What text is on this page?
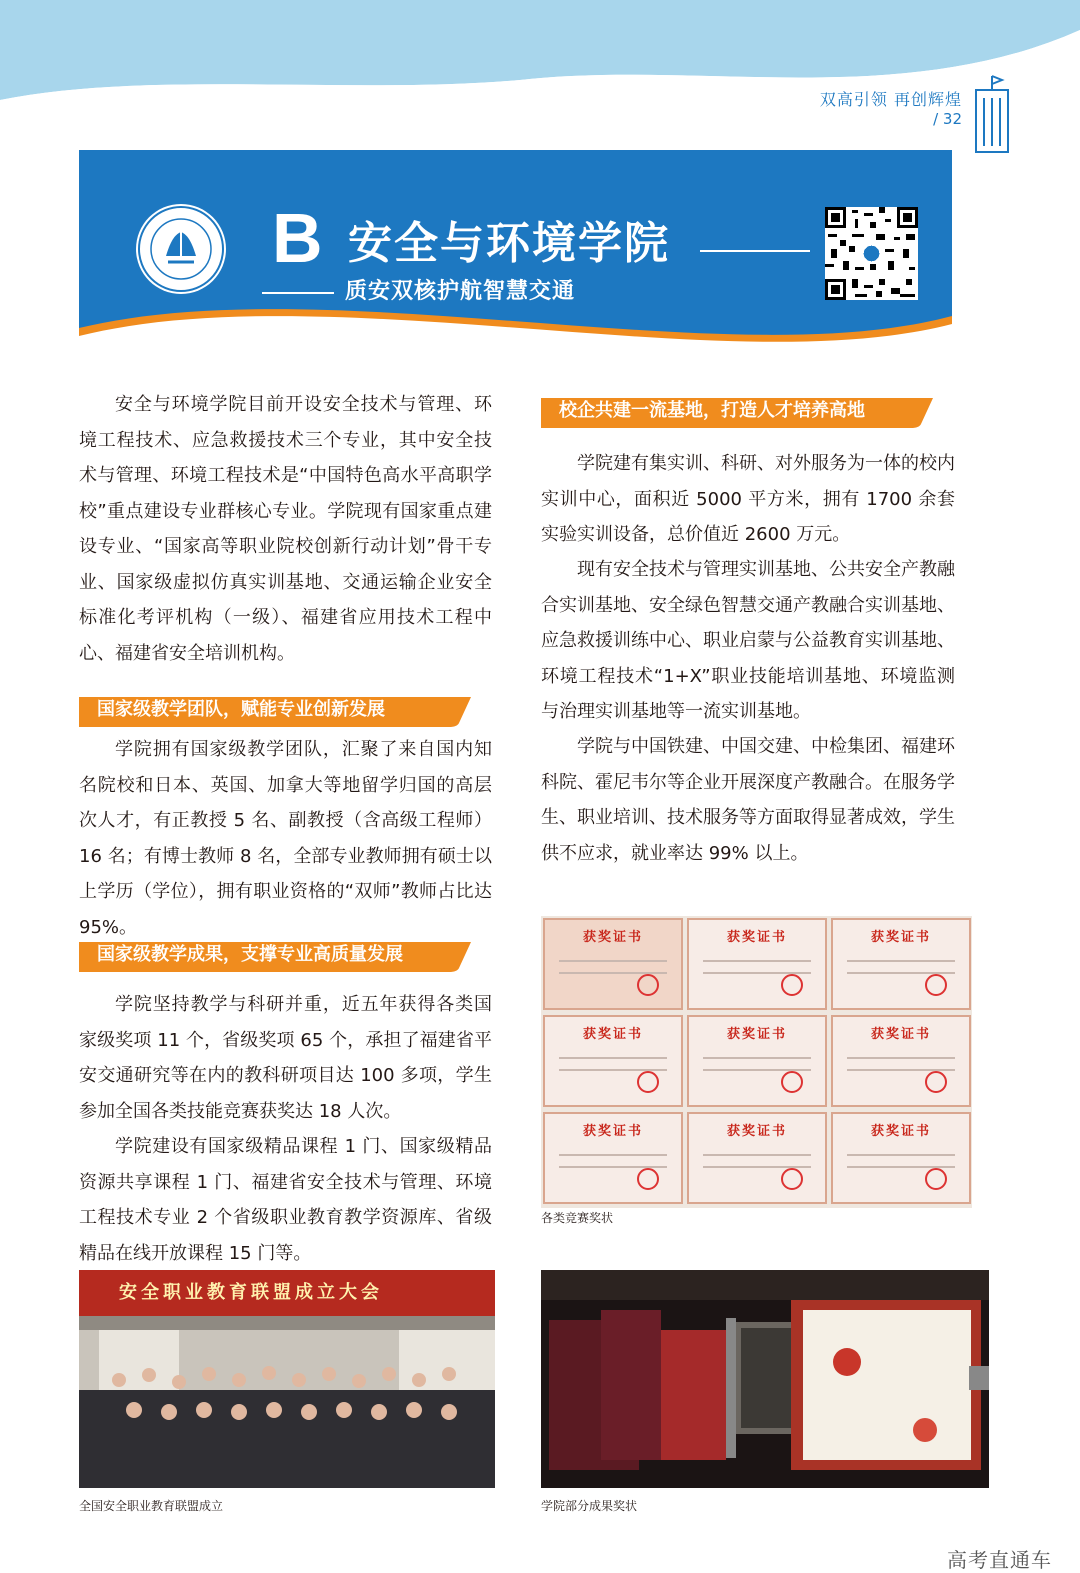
双高引领 再创辉煌
/ 32
B 安全与环境学院
质安双核护航智慧交通

安全与环境学院目前开设安全技术与管理、环境工程技术、应急救援技术三个专业，其中安全技术与管理、环境工程技术是“中国特色高水平高职学校”重点建设专业群核心专业。学院现有国家重点建设专业、“国家高等职业院校创新行动计划”骨干专业、国家级虚拟仿真实训基地、交通运输企业安全标准化考评机构（一级）、福建省应用技术工程中心、福建省安全培训机构。

国家级教学团队，赋能专业创新发展

学院拥有国家级教学团队，汇聚了来自国内知名院校和日本、英国、加拿大等地留学归国的高层次人才，有正教授 5 名、副教授（含高级工程师）16 名；有博士教师 8 名，全部专业教师拥有硕士以上学历（学位），拥有职业资格的“双师”教师占比达 95%。

国家级教学成果，支撑专业高质量发展

学院坚持教学与科研并重，近五年获得各类国家级奖项 11 个，省级奖项 65 个，承担了福建省平安交通研究等在内的教科研项目达 100 多项，学生参加全国各类技能竞赛获奖达 18 人次。

学院建设有国家级精品课程 1 门、国家级精品资源共享课程 1 门、福建省安全技术与管理、环境工程技术专业 2 个省级职业教育教学资源库、省级精品在线开放课程 15 门等。

校企共建一流基地，打造人才培养高地

学院建有集实训、科研、对外服务为一体的校内实训中心，面积近 5000 平方米，拥有 1700 余套实验实训设备，总价值近 2600 万元。

现有安全技术与管理实训基地、公共安全产教融合实训基地、安全绿色智慧交通产教融合实训基地、应急救援训练中心、职业启蒙与公益教育实训基地、环境工程技术“1+X”职业技能培训基地、环境监测与治理实训基地等一流实训基地。

学院与中国铁建、中国交建、中检集团、福建环科院、霍尼韦尔等企业开展深度产教融合。在服务学生、职业培训、技术服务等方面取得显著成效，学生供不应求，就业率达 99% 以上。

获奖证书	获奖证书	获奖证书
获奖证书	获奖证书	获奖证书
获奖证书	获奖证书	获奖证书
各类竞赛奖状
安全职业教育联盟成立大会
全国安全职业教育联盟成立	学院部分成果奖状
高考直通车
